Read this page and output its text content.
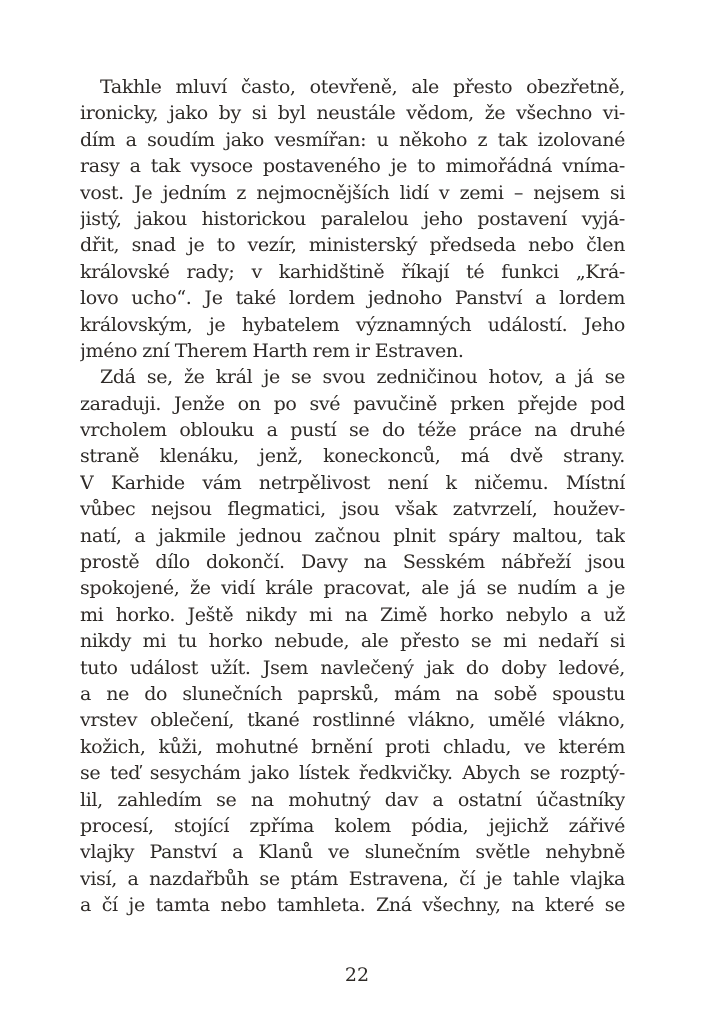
Takhle mluví často, otevřeně, ale přesto obezřetně,
ironicky, jako by si byl neustále vědom, že všechno vi-
dím a soudím jako vesmířan: u někoho z tak izolované
rasy a tak vysoce postaveného je to mimořádná vníma-
vost. Je jedním z nejmocnějších lidí v zemi – nejsem si
jistý, jakou historickou paralelou jeho postavení vyjá-
dřit, snad je to vezír, ministerský předseda nebo člen
královské rady; v karhidštině říkají té funkci „Krá-
lovo ucho“. Je také lordem jednoho Panství a lordem
královským, je hybatelem významných událostí. Jeho
jméno zní Therem Harth rem ir Estraven.
Zdá se, že král je se svou zedničinou hotov, a já se
zaraduji. Jenže on po své pavučině prken přejde pod
vrcholem oblouku a pustí se do téže práce na druhé
straně klenáku, jenž, koneckonců, má dvě strany.
V Karhide vám netrpělivost není k ničemu. Místní
vůbec nejsou flegmatici, jsou však zatvrzelí, houžev-
natí, a jakmile jednou začnou plnit spáry maltou, tak
prostě dílo dokončí. Davy na Sesském nábřeží jsou
spokojené, že vidí krále pracovat, ale já se nudím a je
mi horko. Ještě nikdy mi na Zimě horko nebylo a už
nikdy mi tu horko nebude, ale přesto se mi nedaří si
tuto událost užít. Jsem navlečený jak do doby ledové,
a ne do slunečních paprsků, mám na sobě spoustu
vrstev oblečení, tkané rostlinné vlákno, umělé vlákno,
kožich, kůži, mohutné brnění proti chladu, ve kterém
se teď sesychám jako lístek ředkvičky. Abych se rozptý-
lil, zahledím se na mohutný dav a ostatní účastníky
procesí, stojící zpříma kolem pódia, jejichž zářivé
vlajky Panství a Klanů ve slunečním světle nehybně
visí, a nazdařbůh se ptám Estravena, čí je tahle vlajka
a čí je tamta nebo tamhleta. Zná všechny, na které se
22
